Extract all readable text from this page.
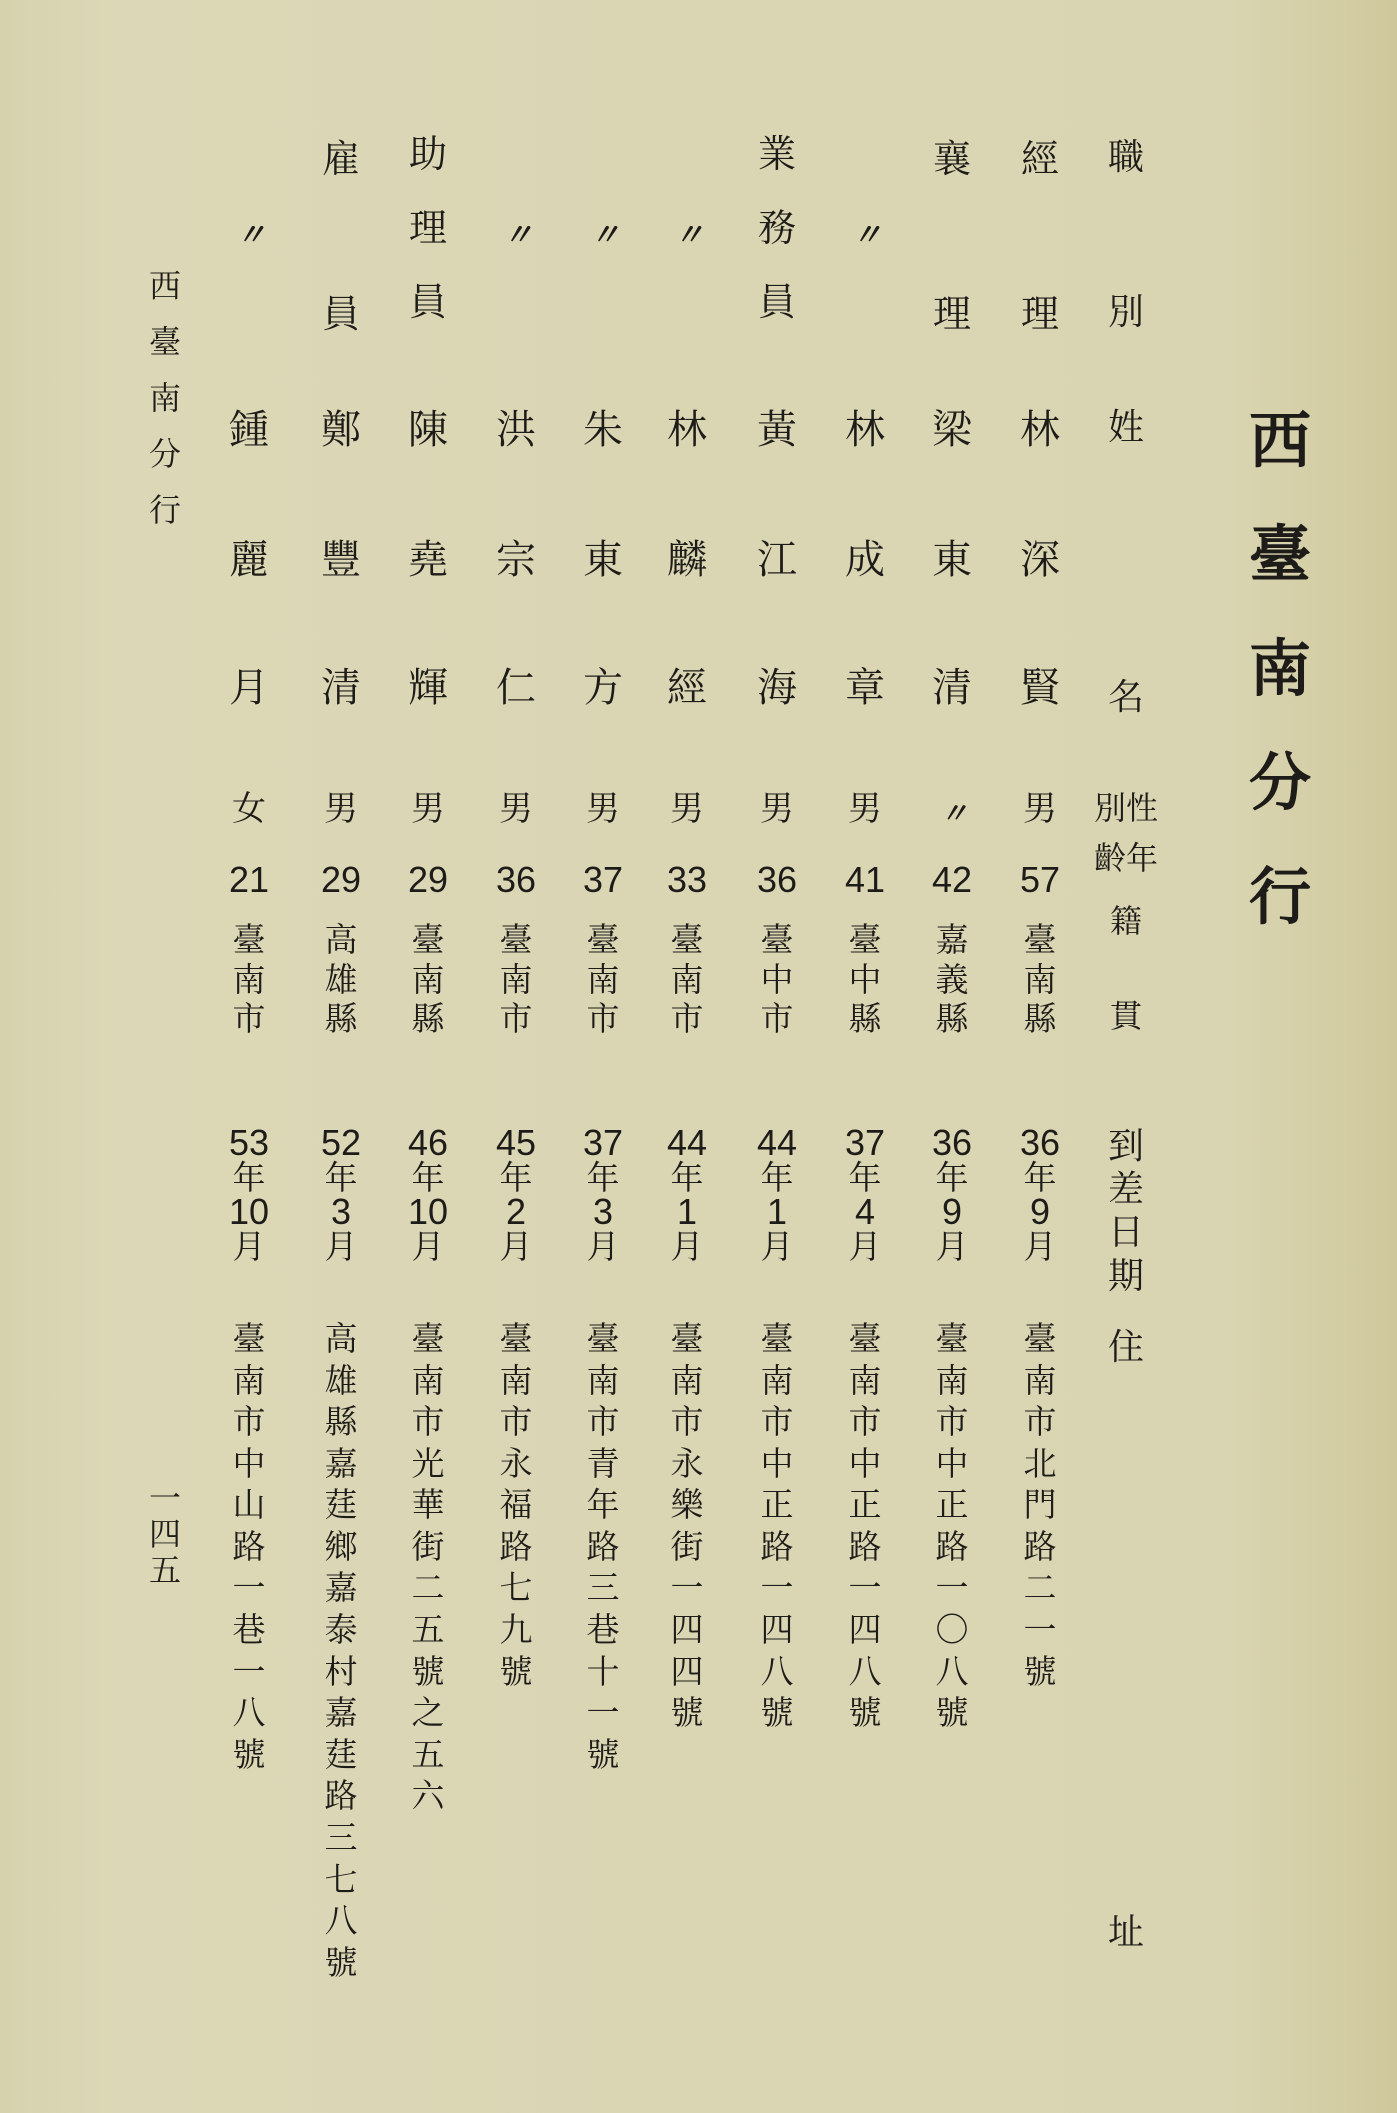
西
臺
南
分
行
職
別
姓
名
別 性
齡 年
籍
貫
到
差
日
期
住
址
經
理
林
深
賢
男
57
臺
南
縣
36
年
9
月
臺
南
市
北
門
路
二
一
號
襄
理
梁
東
清
〃
42
嘉
義
縣
36
年
9
月
臺
南
市
中
正
路
一
〇
八
號
〃
林
成
章
男
41
臺
中
縣
37
年
4
月
臺
南
市
中
正
路
一
四
八
號
業
務
員
黃
江
海
男
36
臺
中
市
44
年
1
月
臺
南
市
中
正
路
一
四
八
號
〃
林
麟
經
男
33
臺
南
市
44
年
1
月
臺
南
市
永
樂
街
一
四
四
號
〃
朱
東
方
男
37
臺
南
市
37
年
3
月
臺
南
市
青
年
路
三
巷
十
一
號
〃
洪
宗
仁
男
36
臺
南
市
45
年
2
月
臺
南
市
永
福
路
七
九
號
助
理
員
陳
堯
輝
男
29
臺
南
縣
46
年
10
月
臺
南
市
光
華
街
二
五
號
之
五
六
雇
員
鄭
豐
清
男
29
高
雄
縣
52
年
3
月
高
雄
縣
嘉
莛
鄉
嘉
泰
村
嘉
莛
路
三
七
八
號
〃
鍾
麗
月
女
21
臺
南
市
53
年
10
月
臺
南
市
中
山
路
一
巷
一
八
號
西
臺
南
分
行
一
四
五
